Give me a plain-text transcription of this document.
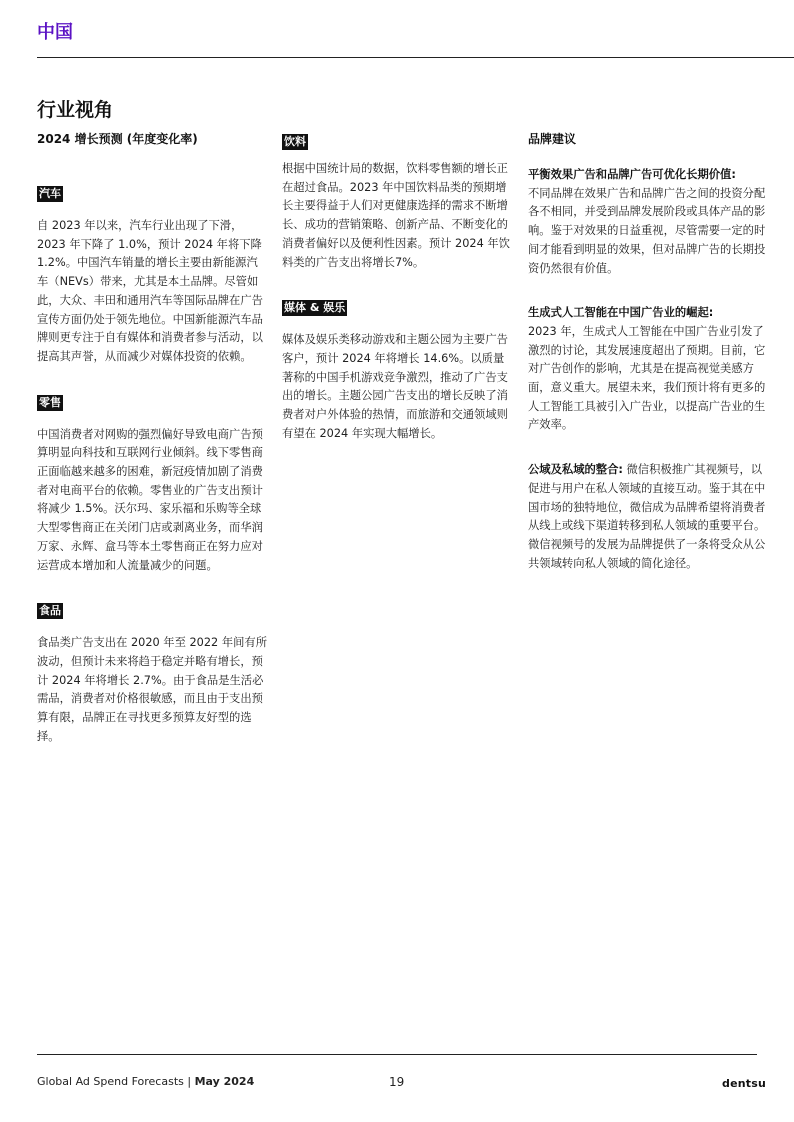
中国
行业视角

2024 增长预测 (年度变化率)

汽车

自 2023 年以来，汽车行业出现了下滑，2023 年下降了 1.0%，预计 2024 年将下降 1.2%。中国汽车销量的增长主要由新能源汽车（NEVs）带来，尤其是本土品牌。尽管如此，大众、丰田和通用汽车等国际品牌在广告宣传方面仍处于领先地位。中国新能源汽车品牌则更专注于自有媒体和消费者参与活动，以提高其声誉，从而减少对媒体投资的依赖。

零售

中国消费者对网购的强烈偏好导致电商广告预算明显向科技和互联网行业倾斜。线下零售商正面临越来越多的困难，新冠疫情加剧了消费者对电商平台的依赖。零售业的广告支出预计将减少 1.5%。沃尔玛、家乐福和乐购等全球大型零售商正在关闭门店或剥离业务，而华润万家、永辉、盒马等本土零售商正在努力应对运营成本增加和人流量减少的问题。

食品

食品类广告支出在 2020 年至 2022 年间有所波动，但预计未来将趋于稳定并略有增长，预计 2024 年将增长 2.7%。由于食品是生活必需品，消费者对价格很敏感，而且由于支出预算有限，品牌正在寻找更多预算友好型的选择。

饮料

根据中国统计局的数据，饮料零售额的增长正在超过食品。2023 年中国饮料品类的预期增长主要得益于人们对更健康选择的需求不断增长、成功的营销策略、创新产品、不断变化的消费者偏好以及便利性因素。预计 2024 年饮料类的广告支出将增长7%。

媒体 & 娱乐

媒体及娱乐类移动游戏和主题公园为主要广告客户，预计 2024 年将增长 14.6%。以质量著称的中国手机游戏竞争激烈，推动了广告支出的增长。主题公园广告支出的增长反映了消费者对户外体验的热情，而旅游和交通领域则有望在 2024 年实现大幅增长。

品牌建议

平衡效果广告和品牌广告可优化长期价值:

不同品牌在效果广告和品牌广告之间的投资分配各不相同，并受到品牌发展阶段或具体产品的影响。鉴于对效果的日益重视，尽管需要一定的时间才能看到明显的效果，但对品牌广告的长期投资仍然很有价值。

生成式人工智能在中国广告业的崛起:

2023 年，生成式人工智能在中国广告业引发了激烈的讨论，其发展速度超出了预期。目前，它对广告创作的影响，尤其是在提高视觉美感方面，意义重大。展望未来，我们预计将有更多的人工智能工具被引入广告业，以提高广告业的生产效率。

公域及私域的整合: 微信积极推广其视频号，以促进与用户在私人领域的直接互动。鉴于其在中国市场的独特地位，微信成为品牌希望将消费者从线上或线下渠道转移到私人领域的重要平台。微信视频号的发展为品牌提供了一条将受众从公共领域转向私人领域的简化途径。

Global Ad Spend Forecasts | May 2024	19	dentsu
